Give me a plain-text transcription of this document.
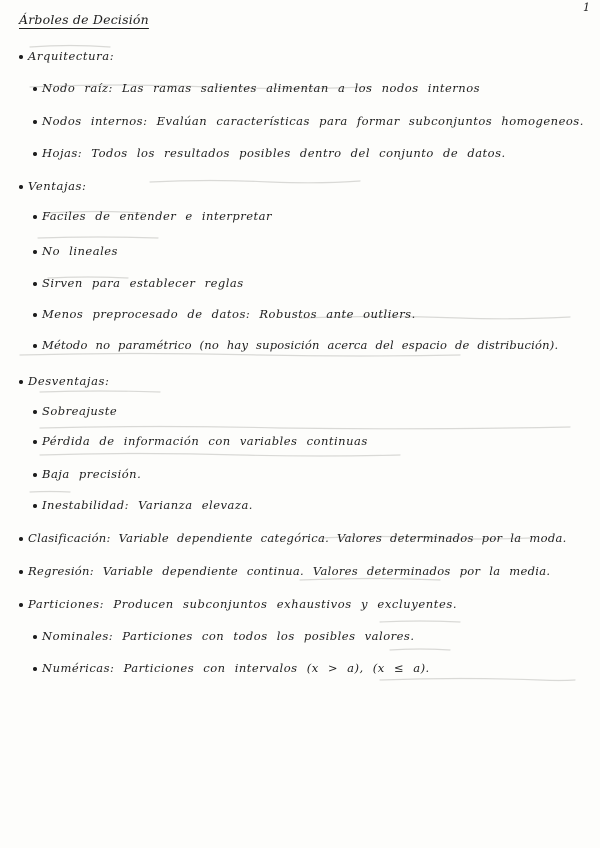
1
Árboles de Decisión
Arquitectura:
Nodo raíz: Las ramas salientes alimentan a los nodos internos
Nodos internos: Evalúan características para formar subconjuntos homogeneos.
Hojas: Todos los resultados posibles dentro del conjunto de datos.
Ventajas:
Faciles de entender e interpretar
No lineales
Sirven para establecer reglas
Menos preprocesado de datos: Robustos ante outliers.
Método no paramétrico (no hay suposición acerca del espacio de distribución).
Desventajas:
Sobreajuste
Pérdida de información con variables continuas
Baja precisión.
Inestabilidad: Varianza elevaza.
Clasificación: Variable dependiente categórica. Valores determinados por la moda.
Regresión: Variable dependiente continua. Valores determinados por la media.
Particiones: Producen subconjuntos exhaustivos y excluyentes.
Nominales: Particiones con todos los posibles valores.
Numéricas: Particiones con intervalos (x > a), (x ≤ a).
